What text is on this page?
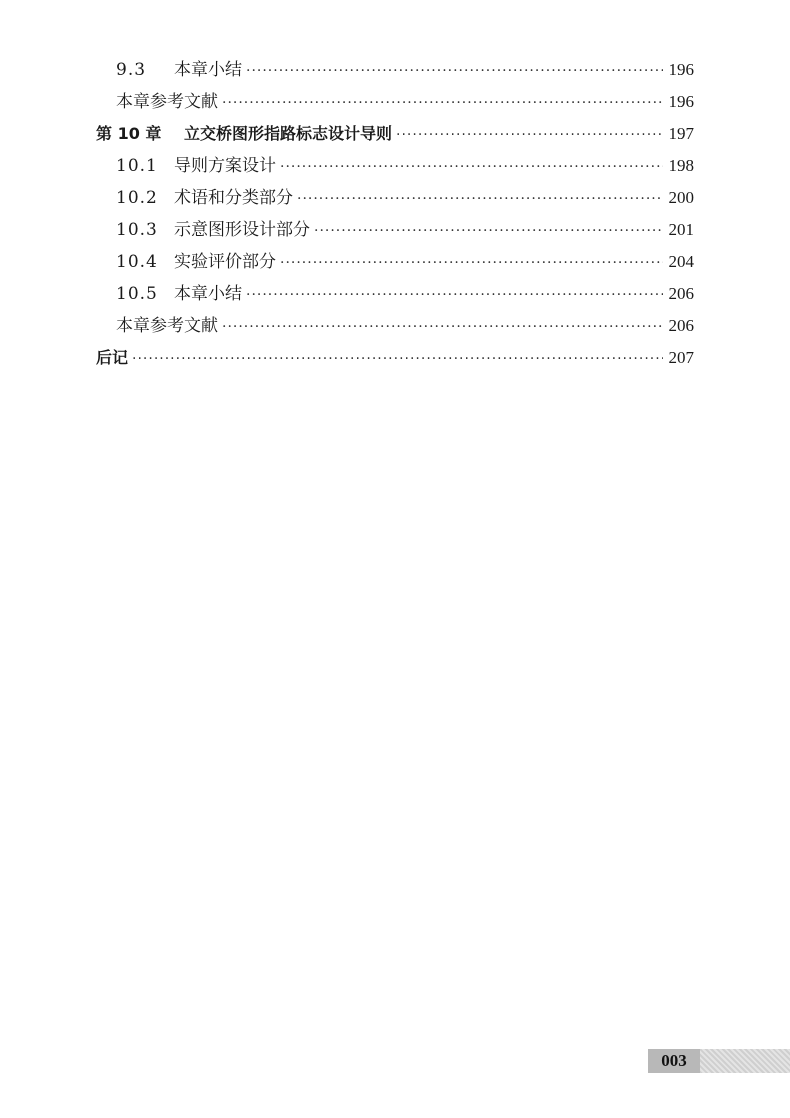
9.3	本章小结 ·····	196
本章参考文献 ·····	196
第 10 章	立交桥图形指路标志设计导则 ·····	197
10.1 导则方案设计 ·····	198
10.2 术语和分类部分 ·····	200
10.3 示意图形设计部分 ·····	201
10.4 实验评价部分 ·····	204
10.5 本章小结 ·····	206
本章参考文献 ·····	206
后记 ·····	207
003
